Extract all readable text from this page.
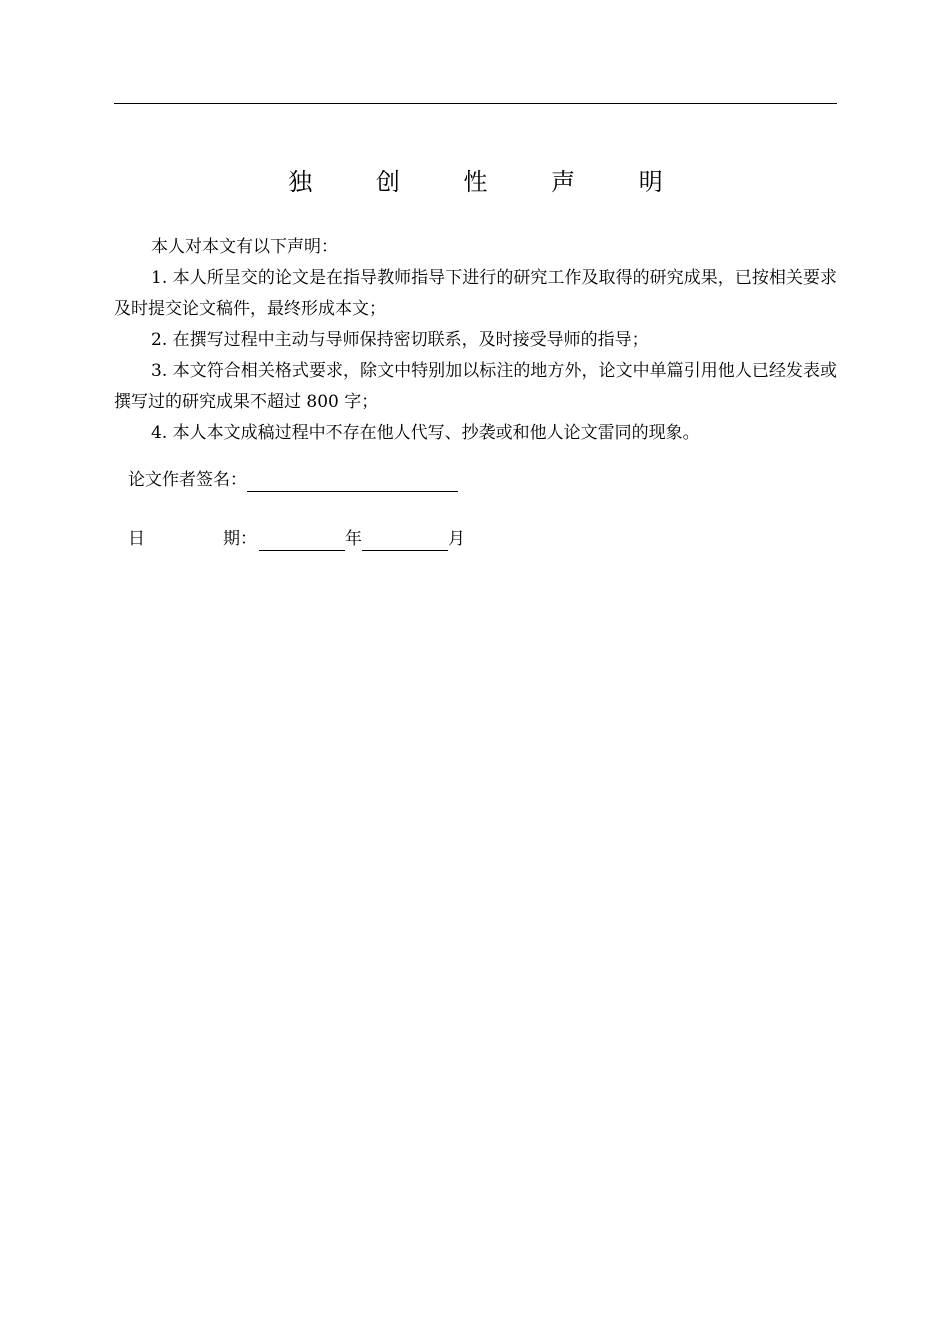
独 创 性 声 明

本人对本文有以下声明：

1. 本人所呈交的论文是在指导教师指导下进行的研究工作及取得的研究成果，已按相关要求及时提交论文稿件，最终形成本文；

2. 在撰写过程中主动与导师保持密切联系，及时接受导师的指导；

3. 本文符合相关格式要求，除文中特别加以标注的地方外，论文中单篇引用他人已经发表或撰写过的研究成果不超过 800 字；

4. 本人本文成稿过程中不存在他人代写、抄袭或和他人论文雷同的现象。

论文作者签名：
日	期：	年	月
